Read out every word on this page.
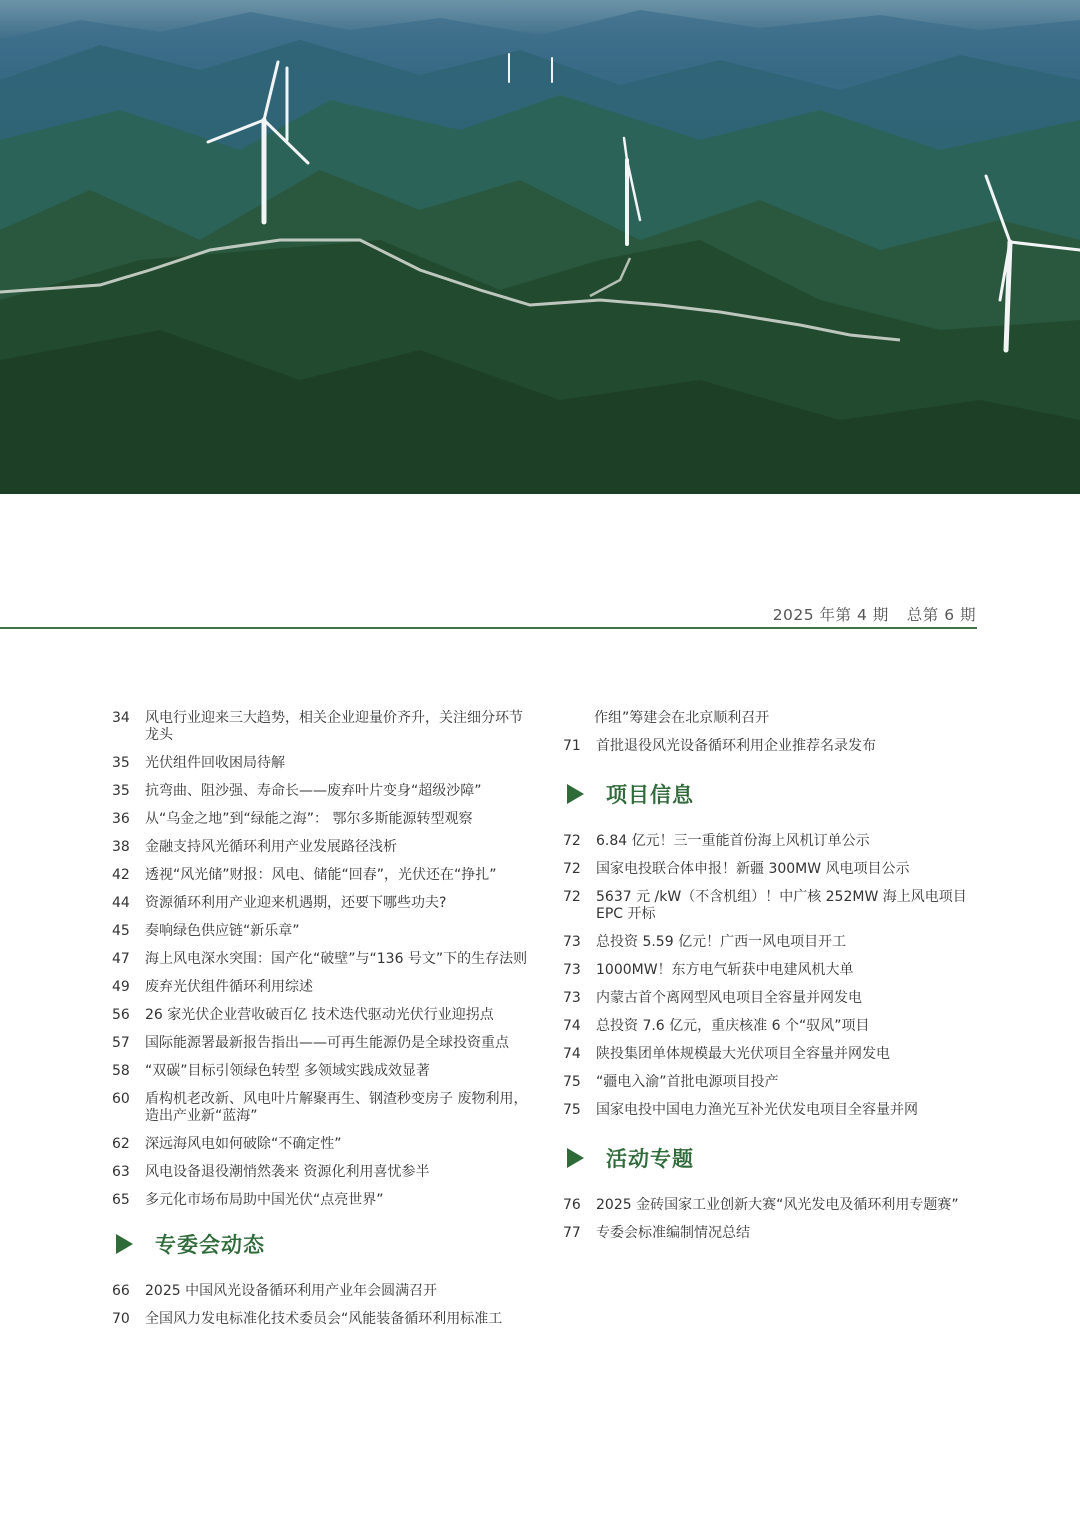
2025 年第 4 期 总第 6 期
34	风电行业迎来三大趋势，相关企业迎量价齐升，关注细分环节龙头
35	光伏组件回收困局待解
35	抗弯曲、阻沙强、寿命长——废弃叶片变身“超级沙障”
36	从“乌金之地”到“绿能之海”： 鄂尔多斯能源转型观察
38	金融支持风光循环利用产业发展路径浅析
42	透视“风光储”财报：风电、储能“回春”，光伏还在“挣扎”
44	资源循环利用产业迎来机遇期，还要下哪些功夫?
45	奏响绿色供应链“新乐章”
47	海上风电深水突围：国产化“破壁”与“136 号文”下的生存法则
49	废弃光伏组件循环利用综述
56	26 家光伏企业营收破百亿 技术迭代驱动光伏行业迎拐点
57	国际能源署最新报告指出——可再生能源仍是全球投资重点
58	“双碳”目标引领绿色转型 多领域实践成效显著
60	盾构机老改新、风电叶片解聚再生、钢渣秒变房子 废物利用，造出产业新“蓝海”
62	深远海风电如何破除“不确定性”
63	风电设备退役潮悄然袭来 资源化利用喜忧参半
65	多元化市场布局助中国光伏“点亮世界”
专委会动态
66	2025 中国风光设备循环利用产业年会圆满召开
70	全国风力发电标准化技术委员会“风能装备循环利用标准工
作组”筹建会在北京顺利召开
71	首批退役风光设备循环利用企业推荐名录发布
项目信息
72	6.84 亿元！三一重能首份海上风机订单公示
72	国家电投联合体申报！新疆 300MW 风电项目公示
72	5637 元 /kW（不含机组）！中广核 252MW 海上风电项目 EPC 开标
73	总投资 5.59 亿元！广西一风电项目开工
73	1000MW！东方电气斩获中电建风机大单
73	内蒙古首个离网型风电项目全容量并网发电
74	总投资 7.6 亿元，重庆核准 6 个“驭风”项目
74	陕投集团单体规模最大光伏项目全容量并网发电
75	“疆电入渝”首批电源项目投产
75	国家电投中国电力渔光互补光伏发电项目全容量并网
活动专题
76	2025 金砖国家工业创新大赛“风光发电及循环利用专题赛”
77	专委会标准编制情况总结
